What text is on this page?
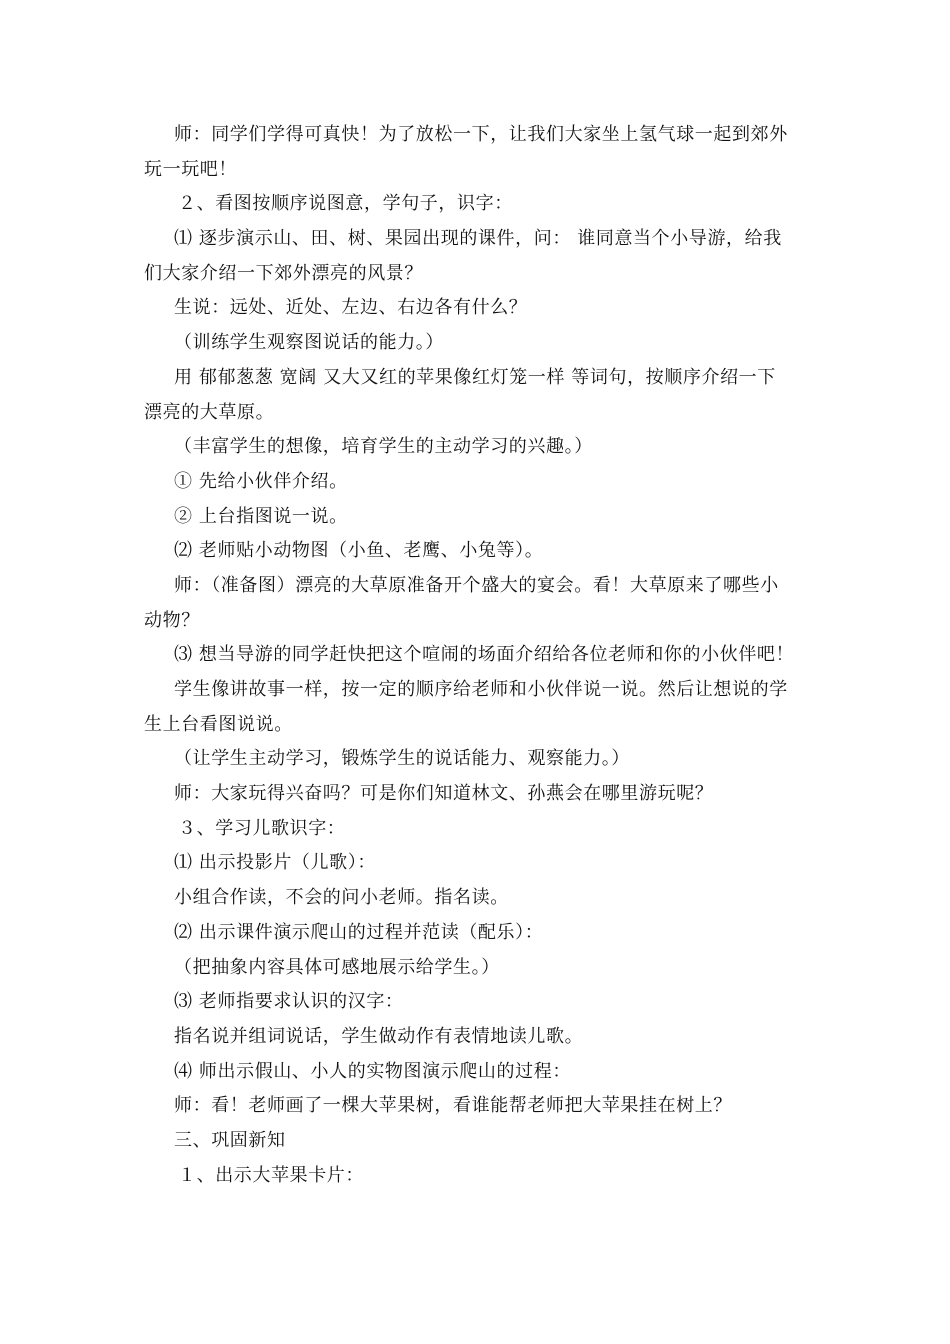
师：同学们学得可真快！为了放松一下，让我们大家坐上氢气球一起到郊外
玩一玩吧！
２、看图按顺序说图意，学句子，识字：
⑴ 逐步演示山、田、树、果园出现的课件，问： 谁同意当个小导游，给我
们大家介绍一下郊外漂亮的风景？
生说：远处、近处、左边、右边各有什么？
（训练学生观察图说话的能力。）
用 郁郁葱葱 宽阔 又大又红的苹果像红灯笼一样 等词句，按顺序介绍一下
漂亮的大草原。
（丰富学生的想像，培育学生的主动学习的兴趣。）
① 先给小伙伴介绍。
② 上台指图说一说。
⑵ 老师贴小动物图（小鱼、老鹰、小兔等）。
师：（准备图）漂亮的大草原准备开个盛大的宴会。看！大草原来了哪些小
动物？
⑶ 想当导游的同学赶快把这个喧闹的场面介绍给各位老师和你的小伙伴吧！
学生像讲故事一样，按一定的顺序给老师和小伙伴说一说。然后让想说的学
生上台看图说说。
（让学生主动学习，锻炼学生的说话能力、观察能力。）
师：大家玩得兴奋吗？可是你们知道林文、孙燕会在哪里游玩呢？
３、学习儿歌识字：
⑴ 出示投影片（儿歌）：
小组合作读，不会的问小老师。指名读。
⑵ 出示课件演示爬山的过程并范读（配乐）：
（把抽象内容具体可感地展示给学生。）
⑶ 老师指要求认识的汉字：
指名说并组词说话，学生做动作有表情地读儿歌。
⑷ 师出示假山、小人的实物图演示爬山的过程：
师：看！老师画了一棵大苹果树，看谁能帮老师把大苹果挂在树上？
三、巩固新知
１、出示大苹果卡片：
